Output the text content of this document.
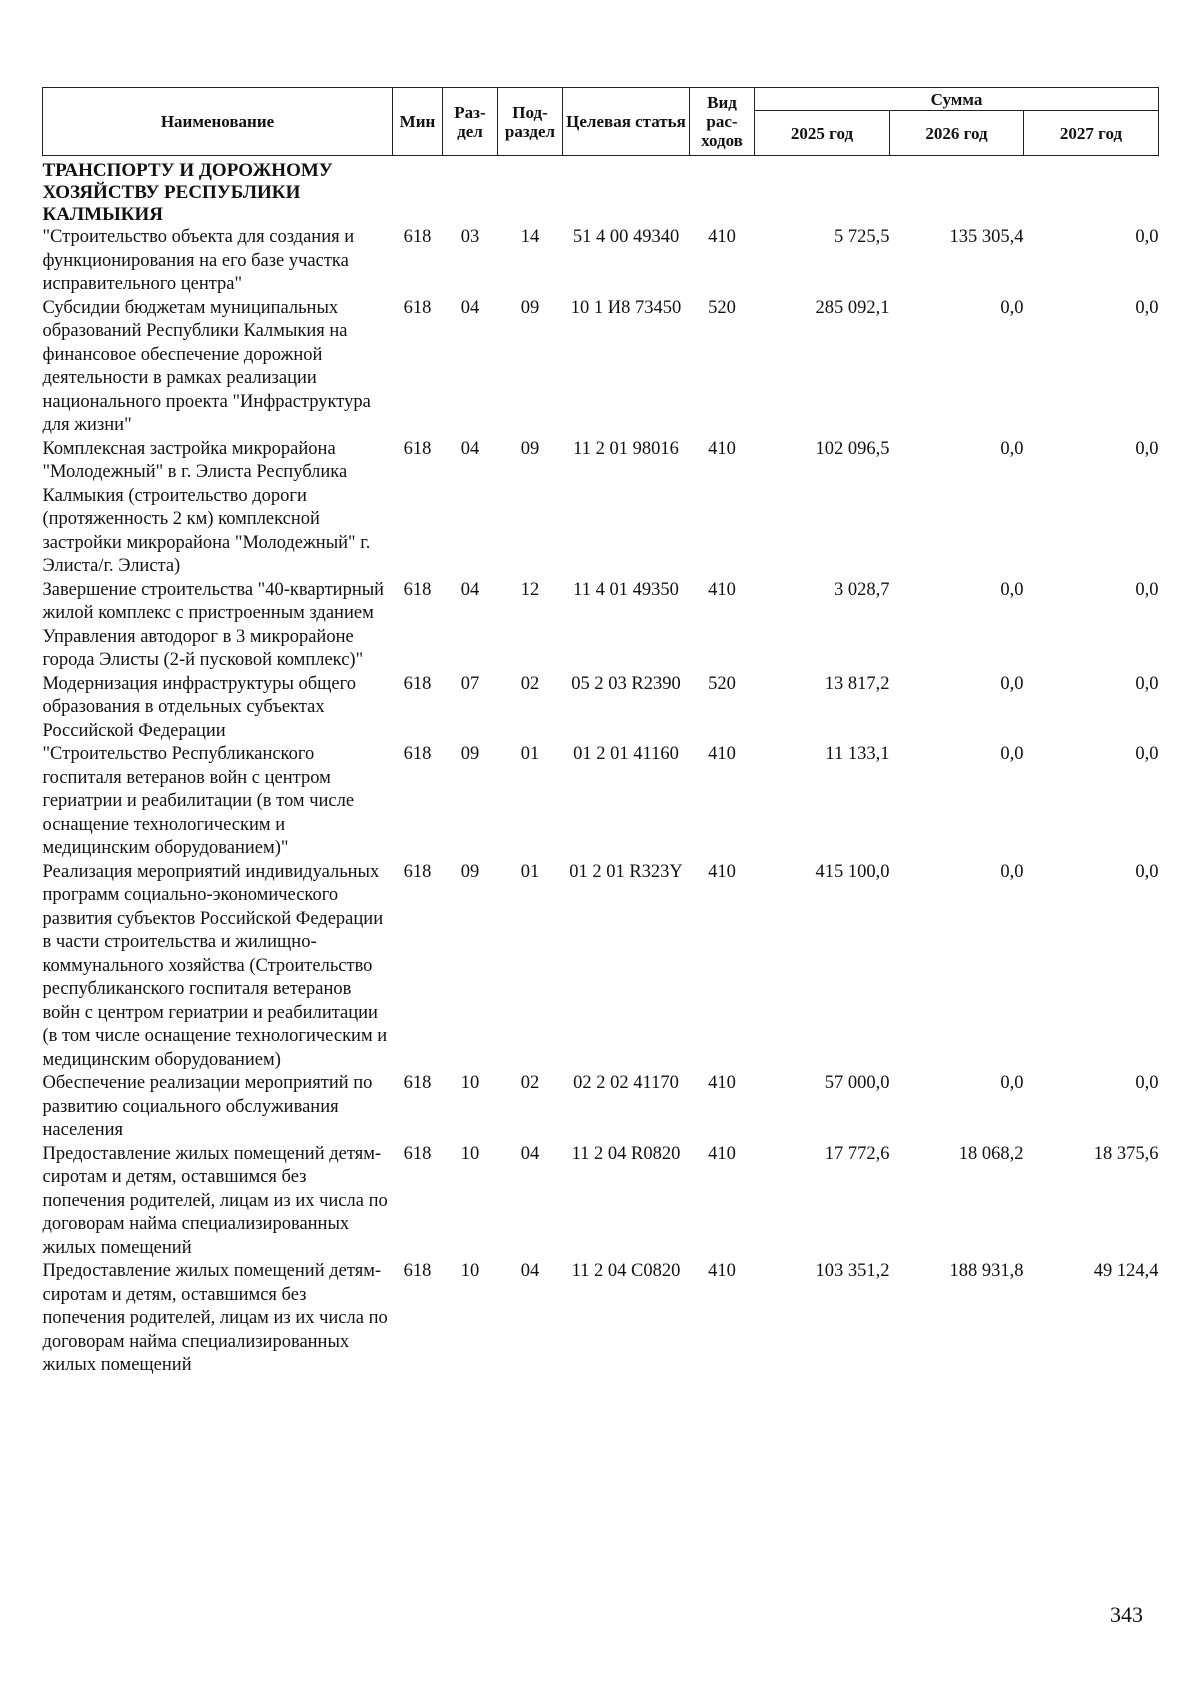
Наименование	Мин	Раз-дел	Под-раздел	Целевая статья	Вид рас-ходов	Сумма		
						2025 год	2026 год	2027 год
ТРАНСПОРТУ И ДОРОЖНОМУ ХОЗЯЙСТВУ РЕСПУБЛИКИ КАЛМЫКИЯ								
"Строительство объекта для создания и функционирования на его базе участка исправительного центра"	618	03	14	51 4 00 49340	410	5 725,5	135 305,4	0,0
Субсидии бюджетам муниципальных образований Республики Калмыкия на финансовое обеспечение дорожной деятельности в рамках реализации национального проекта "Инфраструктура для жизни"	618	04	09	10 1 И8 73450	520	285 092,1	0,0	0,0
Комплексная застройка микрорайона "Молодежный" в г. Элиста Республика Калмыкия (строительство дороги (протяженность 2 км) комплексной застройки микрорайона "Молодежный" г. Элиста/г. Элиста)	618	04	09	11 2 01 98016	410	102 096,5	0,0	0,0
Завершение строительства "40-квартирный жилой комплекс с пристроенным зданием Управления автодорог в 3 микрорайоне города Элисты (2-й пусковой комплекс)"	618	04	12	11 4 01 49350	410	3 028,7	0,0	0,0
Модернизация инфраструктуры общего образования в отдельных субъектах Российской Федерации	618	07	02	05 2 03 R2390	520	13 817,2	0,0	0,0
"Строительство Республиканского госпиталя ветеранов войн с центром гериатрии и реабилитации (в том числе оснащение технологическим и медицинским оборудованием)"	618	09	01	01 2 01 41160	410	11 133,1	0,0	0,0
Реализация мероприятий индивидуальных программ социально-экономического развития субъектов Российской Федерации в части строительства и жилищно-коммунального хозяйства (Строительство республиканского госпиталя ветеранов войн с центром гериатрии и реабилитации (в том числе оснащение технологическим и медицинским оборудованием)	618	09	01	01 2 01 R323Y	410	415 100,0	0,0	0,0
Обеспечение реализации мероприятий по развитию социального обслуживания населения	618	10	02	02 2 02 41170	410	57 000,0	0,0	0,0
Предоставление жилых помещений детям-сиротам и детям, оставшимся без попечения родителей, лицам из их числа по договорам найма специализированных жилых помещений	618	10	04	11 2 04 R0820	410	17 772,6	18 068,2	18 375,6
Предоставление жилых помещений детям-сиротам и детям, оставшимся без попечения родителей, лицам из их числа по договорам найма специализированных жилых помещений	618	10	04	11 2 04 C0820	410	103 351,2	188 931,8	49 124,4
343
